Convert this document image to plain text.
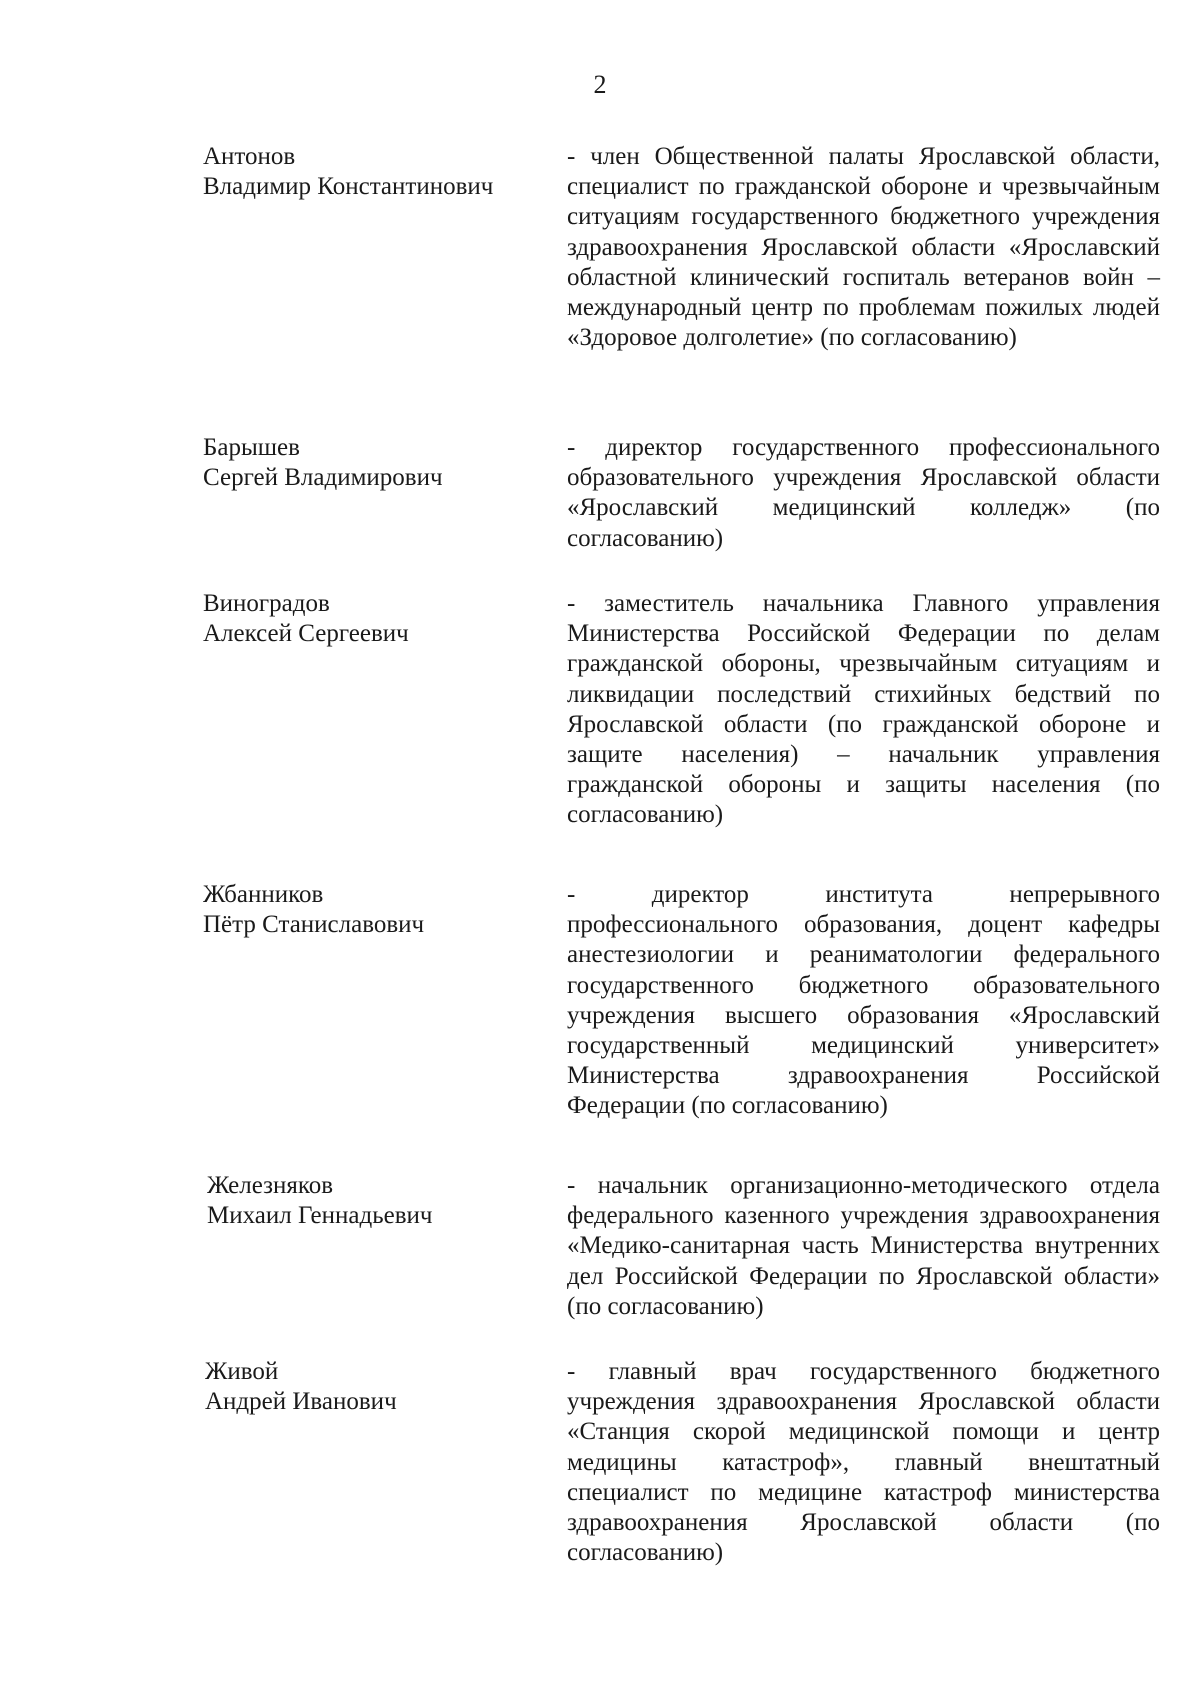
2
Антонов
Владимир Константинович
- член Общественной палаты Ярославской области, специалист по гражданской обороне и чрезвычайным ситуациям государственного бюджетного учреждения здравоохранения Ярославской области «Ярославский областной клинический госпиталь ветеранов войн – международный центр по проблемам пожилых людей «Здоровое долголетие» (по согласованию)
Барышев
Сергей Владимирович
- директор государственного профессионального образовательного учреждения Ярославской области «Ярославский медицинский колледж» (по согласованию)
Виноградов
Алексей Сергеевич
- заместитель начальника Главного управления Министерства Российской Федерации по делам гражданской обороны, чрезвычайным ситуациям и ликвидации последствий стихийных бедствий по Ярославской области (по гражданской обороне и защите населения) – начальник управления гражданской обороны и защиты населения (по согласованию)
Жбанников
Пётр Станиславович
- директор института непрерывного профессионального образования, доцент кафедры анестезиологии и реаниматологии федерального государственного бюджетного образовательного учреждения высшего образования «Ярославский государственный медицинский университет» Министерства здравоохранения Российской Федерации (по согласованию)
Железняков
Михаил Геннадьевич
- начальник организационно-методического отдела федерального казенного учреждения здравоохранения «Медико-санитарная часть Министерства внутренних дел Российской Федерации по Ярославской области» (по согласованию)
Живой
Андрей Иванович
- главный врач государственного бюджетного учреждения здравоохранения Ярославской области «Станция скорой медицинской помощи и центр медицины катастроф», главный внештатный специалист по медицине катастроф министерства здравоохранения Ярославской области (по согласованию)
